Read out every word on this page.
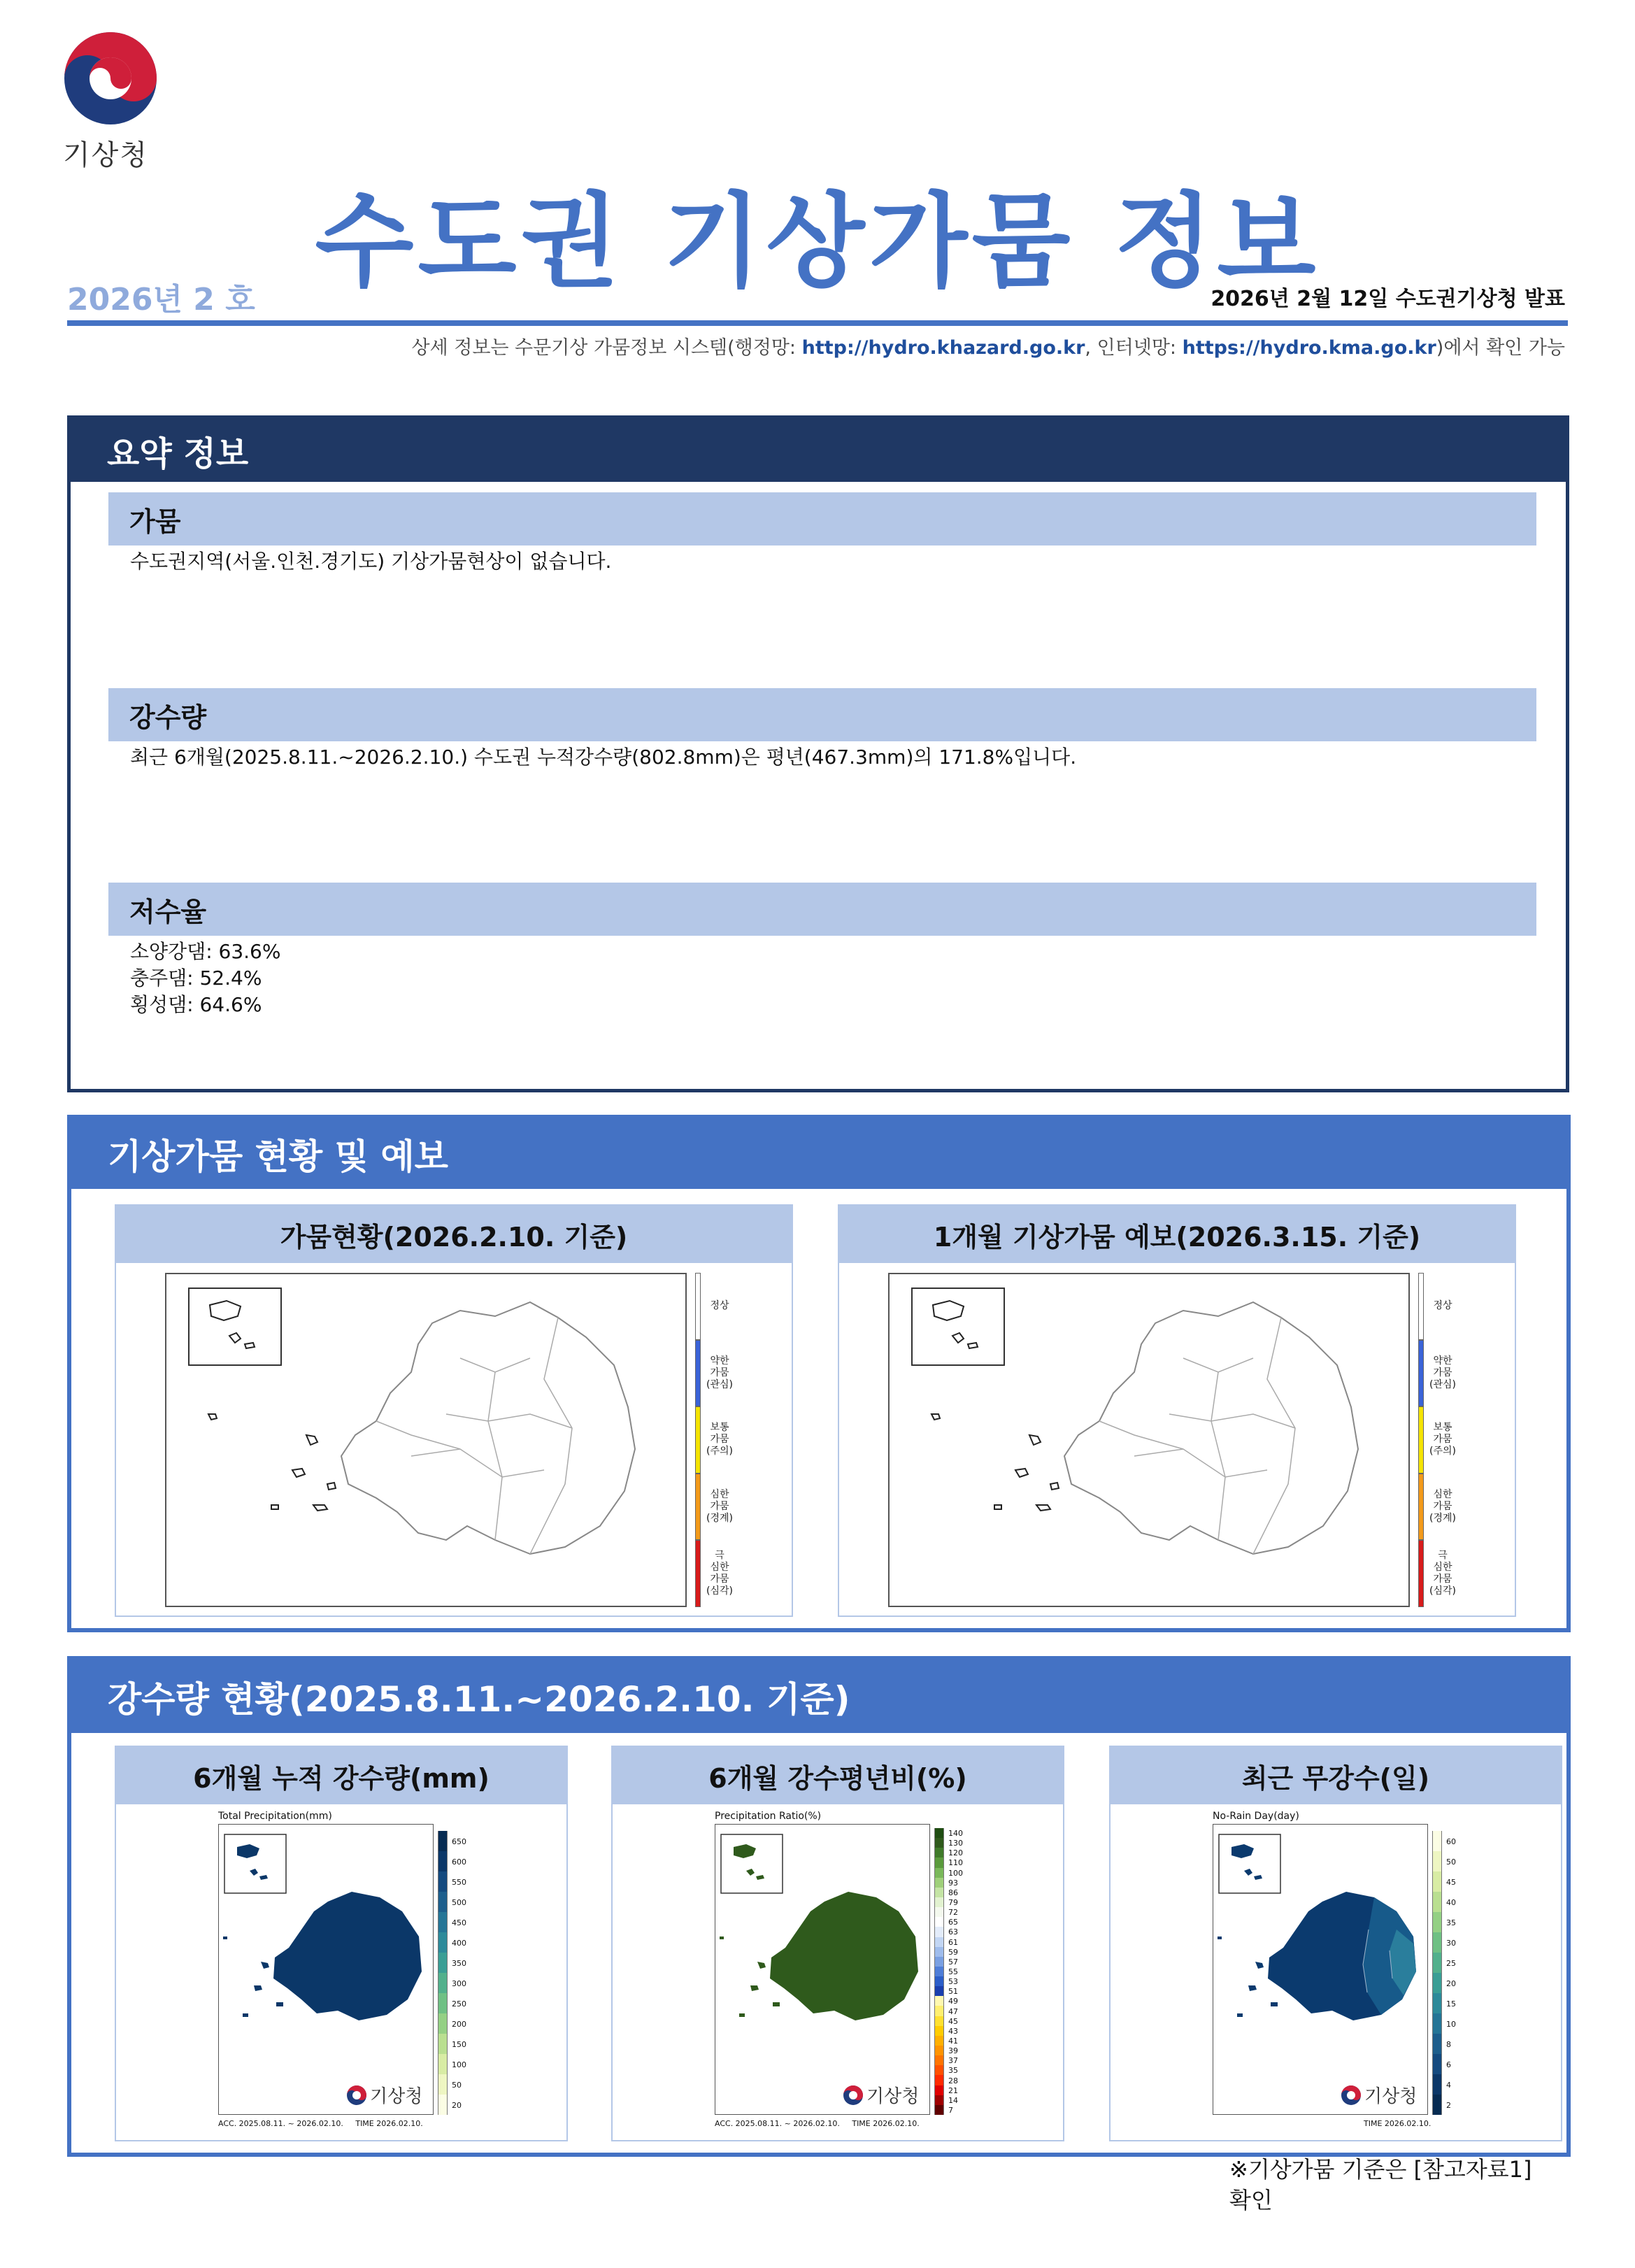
기상청
수도권 기상가뭄 정보
2026년 2 호	2026년 2월 12일 수도권기상청 발표
상세 정보는 수문기상 가뭄정보 시스템(행정망: http://hydro.khazard.go.kr, 인터넷망: https://hydro.kma.go.kr)에서 확인 가능
요약 정보
가뭄
수도권지역(서울.인천.경기도) 기상가뭄현상이 없습니다.
강수량
최근 6개월(2025.8.11.~2026.2.10.) 수도권 누적강수량(802.8mm)은 평년(467.3mm)의 171.8%입니다.
저수율
소양강댐: 63.6%
충주댐: 52.4%
횡성댐: 64.6%
기상가뭄 현황 및 예보
가뭄현황(2026.2.10. 기준)	1개월 기상가뭄 예보(2026.3.15. 기준)
정상
약한
가뭄
(관심)
보통
가뭄
(주의)
심한
가뭄
(경계)
극
심한
가뭄
(심각)
정상
약한
가뭄
(관심)
보통
가뭄
(주의)
심한
가뭄
(경계)
극
심한
가뭄
(심각)
강수량 현황(2025.8.11.~2026.2.10. 기준)
6개월 누적 강수량(mm)	6개월 강수평년비(%)	최근 무강수(일)
Total Precipitation(mm)
기상청
650
600
550
500
450
400
350
300
250
200
150
100
50
20
ACC. 2025.08.11. ~ 2026.02.10. TIME 2026.02.10.
Precipitation Ratio(%)
기상청
140
130
120
110
100
93
86
79
72
65
63
61
59
57
55
53
51
49
47
45
43
41
39
37
35
28
21
14
7
ACC. 2025.08.11. ~ 2026.02.10. TIME 2026.02.10.
No-Rain Day(day)
기상청
60
50
45
40
35
30
25
20
15
10
8
6
4
2
TIME 2026.02.10.
※기상가뭄 기준은 [참고자료1] 확인
